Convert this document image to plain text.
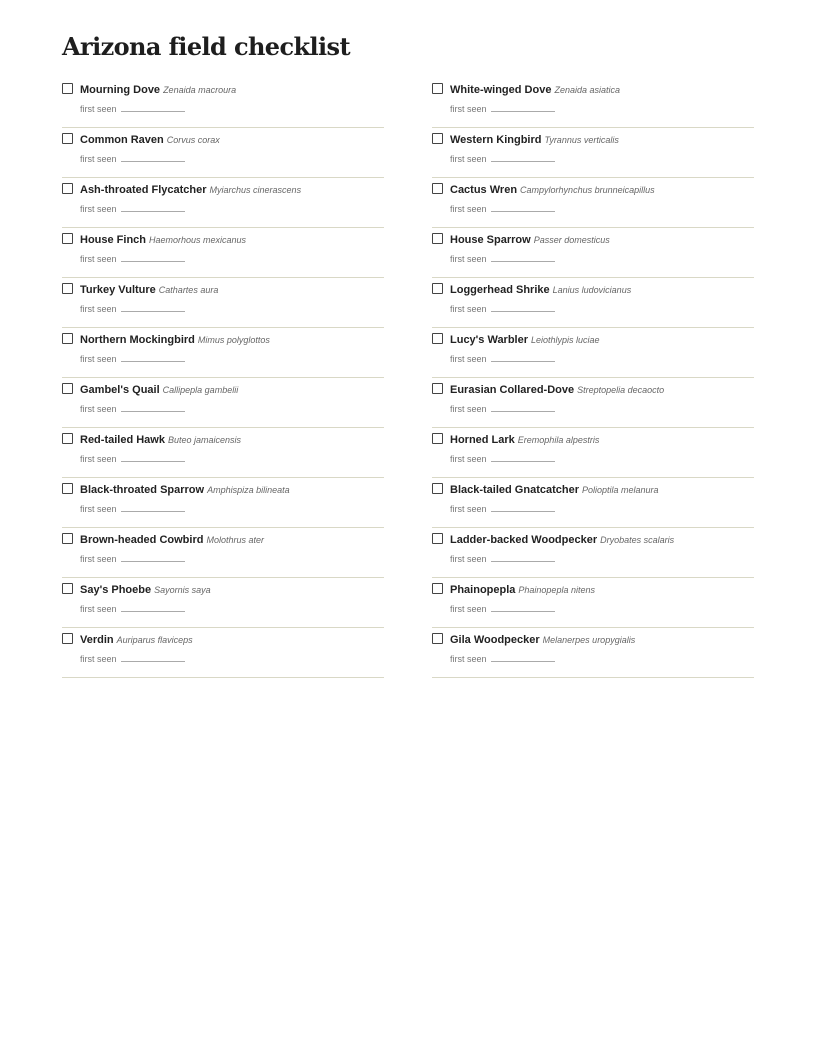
Arizona field checklist
Mourning Dove Zenaida macroura
first seen
Common Raven Corvus corax
first seen
Ash-throated Flycatcher Myiarchus cinerascens
first seen
House Finch Haemorhous mexicanus
first seen
Turkey Vulture Cathartes aura
first seen
Northern Mockingbird Mimus polyglottos
first seen
Gambel's Quail Callipepla gambelii
first seen
Red-tailed Hawk Buteo jamaicensis
first seen
Black-throated Sparrow Amphispiza bilineata
first seen
Brown-headed Cowbird Molothrus ater
first seen
Say's Phoebe Sayornis saya
first seen
Verdin Auriparus flaviceps
first seen
White-winged Dove Zenaida asiatica
first seen
Western Kingbird Tyrannus verticalis
first seen
Cactus Wren Campylorhynchus brunneicapillus
first seen
House Sparrow Passer domesticus
first seen
Loggerhead Shrike Lanius ludovicianus
first seen
Lucy's Warbler Leiothlypis luciae
first seen
Eurasian Collared-Dove Streptopelia decaocto
first seen
Horned Lark Eremophila alpestris
first seen
Black-tailed Gnatcatcher Polioptila melanura
first seen
Ladder-backed Woodpecker Dryobates scalaris
first seen
Phainopepla Phainopepla nitens
first seen
Gila Woodpecker Melanerpes uropygialis
first seen
